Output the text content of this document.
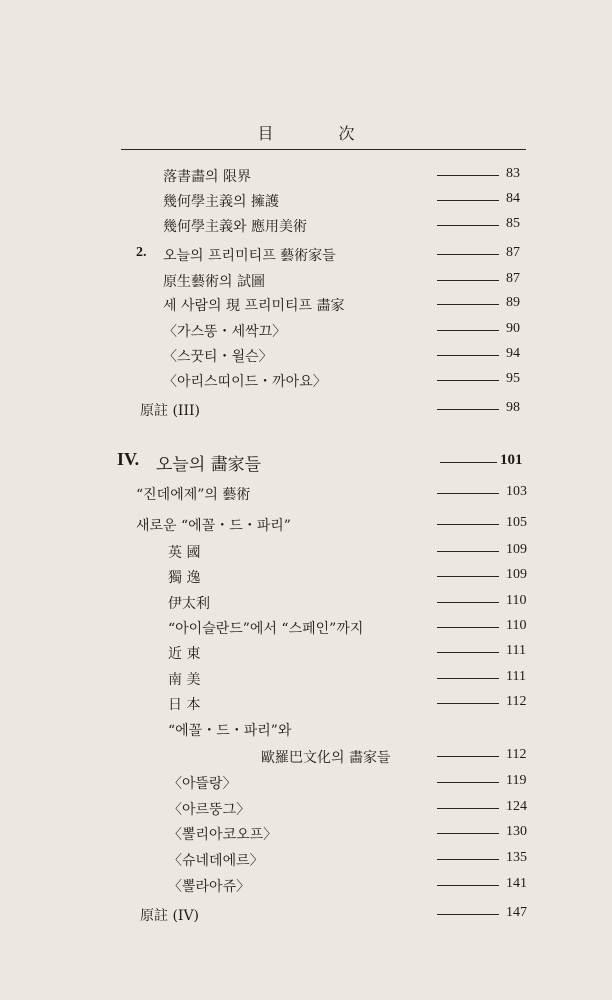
目 次
落書畵의 限界	83
幾何學主義의 擁護	84
幾何學主義와 應用美術	85
2. 오늘의 프리미티프 藝術家들	87
原生藝術의 試圖	87
세 사람의 現 프리미티프 畵家	89
〈가스똥・세싹끄〉	90
〈스꿋티・윌슨〉	94
〈아리스띠이드・까아요〉	95
原註 (III)	98
IV. 오늘의 畵家들	101
“진데에제”의 藝術	103
새로운 “에꼴・드・파리”	105
英 國	109
獨 逸	109
伊太利	110
“아이슬란드”에서 “스페인”까지	110
近 東	111
南 美	111
日 本	112
“에꼴・드・파리”와
歐羅巴文化의 畵家들	112
〈아뜰랑〉	119
〈아르뚱그〉	124
〈뽈리아코오프〉	130
〈슈네데에르〉	135
〈뽈라아쥬〉	141
原註 (IV)	147
